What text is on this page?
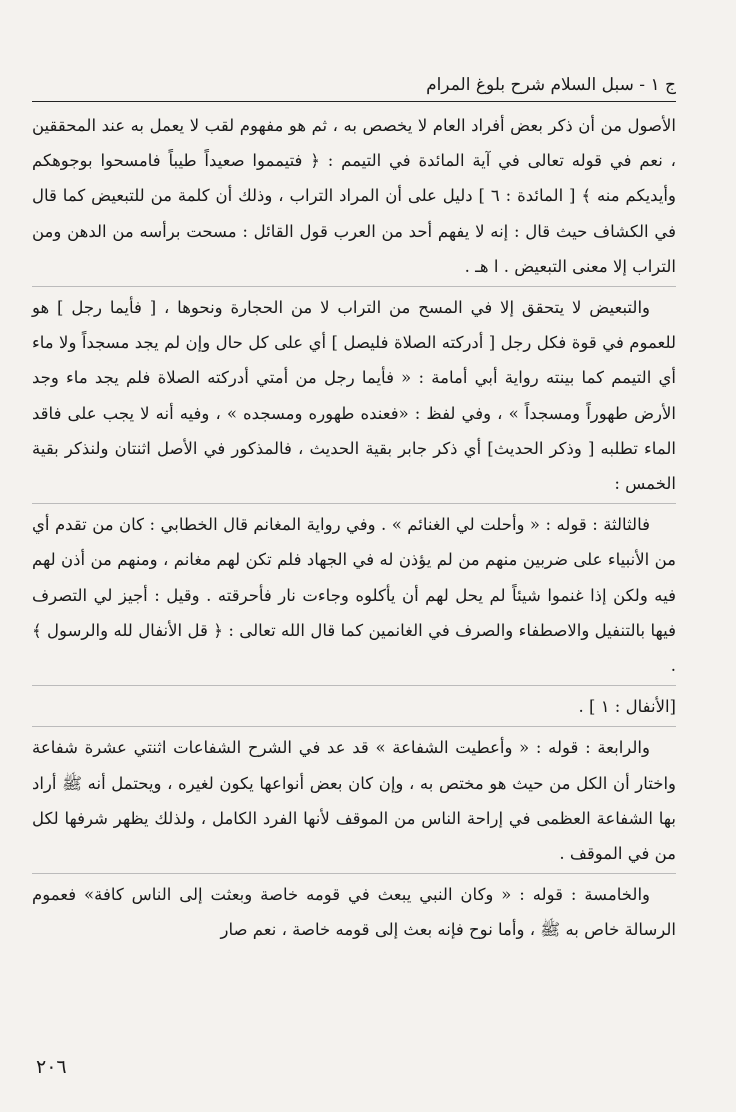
ج ١ - سبل السلام شرح بلوغ المرام

الأصول من أن ذكر بعض أفراد العام لا يخصص به ، ثم هو مفهوم لقب لا يعمل به عند المحققين ، نعم في قوله تعالى في آية المائدة في التيمم : ﴿ فتيمموا صعيداً طيباً فامسحوا بوجوهكم وأيديكم منه ﴾ [ المائدة : ٦ ] دليل على أن المراد التراب ، وذلك أن كلمة من للتبعيض كما قال في الكشاف حيث قال : إنه لا يفهم أحد من العرب قول القائل : مسحت برأسه من الدهن ومن التراب إلا معنى التبعيض . ا هـ .

والتبعيض لا يتحقق إلا في المسح من التراب لا من الحجارة ونحوها ، [ فأيما رجل ] هو للعموم في قوة فكل رجل [ أدركته الصلاة فليصل ] أي على كل حال وإن لم يجد مسجداً ولا ماء أي التيمم كما بينته رواية أبي أمامة : « فأيما رجل من أمتي أدركته الصلاة فلم يجد ماء وجد الأرض طهوراً ومسجداً » ، وفي لفظ : «فعنده طهوره ومسجده » ، وفيه أنه لا يجب على فاقد الماء تطلبه [ وذكر الحديث] أي ذكر جابر بقية الحديث ، فالمذكور في الأصل اثنتان ولنذكر بقية الخمس :

فالثالثة : قوله : « وأحلت لي الغنائم » . وفي رواية المغانم قال الخطابي : كان من تقدم أي من الأنبياء على ضربين منهم من لم يؤذن له في الجهاد فلم تكن لهم مغانم ، ومنهم من أذن لهم فيه ولكن إذا غنموا شيئاً لم يحل لهم أن يأكلوه وجاءت نار فأحرقته . وقيل : أجيز لي التصرف فيها بالتنفيل والاصطفاء والصرف في الغانمين كما قال الله تعالى : ﴿ قل الأنفال لله والرسول ﴾ .

[الأنفال : ١ ] .

والرابعة : قوله : « وأعطيت الشفاعة » قد عد في الشرح الشفاعات اثنتي عشرة شفاعة واختار أن الكل من حيث هو مختص به ، وإن كان بعض أنواعها يكون لغيره ، ويحتمل أنه ﷺ أراد بها الشفاعة العظمى في إراحة الناس من الموقف لأنها الفرد الكامل ، ولذلك يظهر شرفها لكل من في الموقف .

والخامسة : قوله : « وكان النبي يبعث في قومه خاصة وبعثت إلى الناس كافة» فعموم الرسالة خاص به ﷺ ، وأما نوح فإنه بعث إلى قومه خاصة ، نعم صار

٢٠٦
